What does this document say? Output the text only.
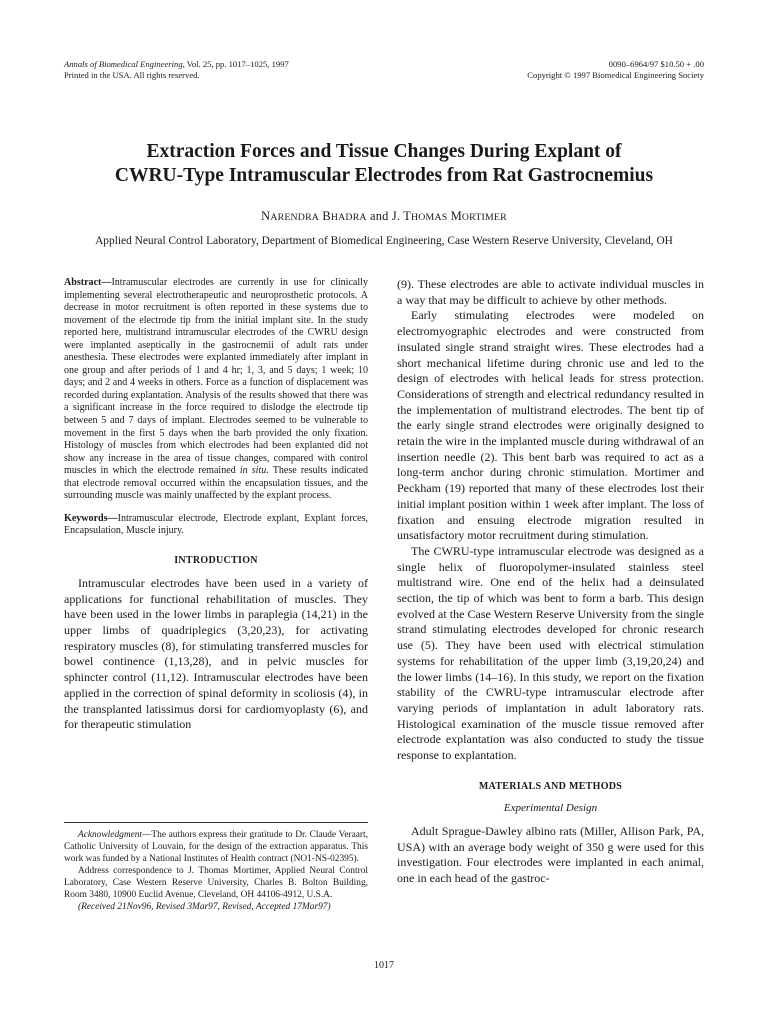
Annals of Biomedical Engineering, Vol. 25, pp. 1017–1025, 1997
Printed in the USA. All rights reserved.
0090–6964/97 $10.50 + .00
Copyright © 1997 Biomedical Engineering Society
Extraction Forces and Tissue Changes During Explant of
CWRU-Type Intramuscular Electrodes from Rat Gastrocnemius
NARENDRA BHADRA and J. THOMAS MORTIMER
Applied Neural Control Laboratory, Department of Biomedical Engineering, Case Western Reserve University, Cleveland, OH

Abstract—Intramuscular electrodes are currently in use for clinically implementing several electrotherapeutic and neuroprosthetic protocols. A decrease in motor recruitment is often reported in these systems due to movement of the electrode tip from the initial implant site. In the study reported here, multistrand intramuscular electrodes of the CWRU design were implanted aseptically in the gastrocnemii of adult rats under anesthesia. These electrodes were explanted immediately after implant in one group and after periods of 1 and 4 hr; 1, 3, and 5 days; 1 week; 10 days; and 2 and 4 weeks in others. Force as a function of displacement was recorded during explantation. Analysis of the results showed that there was a significant increase in the force required to dislodge the electrode tip between 5 and 7 days of implant. Electrodes seemed to be vulnerable to movement in the first 5 days when the barb provided the only fixation. Histology of muscles from which electrodes had been explanted did not show any increase in the area of tissue changes, compared with control muscles in which the electrode remained in situ. These results indicated that electrode removal occurred within the encapsulation tissues, and the surrounding muscle was mainly unaffected by the explant process.

Keywords—Intramuscular electrode, Electrode explant, Explant forces, Encapsulation, Muscle injury.

INTRODUCTION

Intramuscular electrodes have been used in a variety of applications for functional rehabilitation of muscles. They have been used in the lower limbs in paraplegia (14,21) in the upper limbs of quadriplegics (3,20,23), for activating respiratory muscles (8), for stimulating transferred muscles for bowel continence (1,13,28), and in pelvic muscles for sphincter control (11,12). Intramuscular electrodes have been applied in the correction of spinal deformity in scoliosis (4), in the transplanted latissimus dorsi for cardiomyoplasty (6), and for therapeutic stimulation

(9). These electrodes are able to activate individual muscles in a way that may be difficult to achieve by other methods.

Early stimulating electrodes were modeled on electromyographic electrodes and were constructed from insulated single strand straight wires. These electrodes had a short mechanical lifetime during chronic use and led to the design of electrodes with helical leads for stress protection. Considerations of strength and electrical redundancy resulted in the implementation of multistrand electrodes. The bent tip of the early single strand electrodes were originally designed to retain the wire in the implanted muscle during withdrawal of an insertion needle (2). This bent barb was required to act as a long-term anchor during chronic stimulation. Mortimer and Peckham (19) reported that many of these electrodes lost their initial implant position within 1 week after implant. The loss of fixation and ensuing electrode migration resulted in unsatisfactory motor recruitment during stimulation.

The CWRU-type intramuscular electrode was designed as a single helix of fluoropolymer-insulated stainless steel multistrand wire. One end of the helix had a deinsulated section, the tip of which was bent to form a barb. This design evolved at the Case Western Reserve University from the single strand stimulating electrodes developed for chronic research use (5). They have been used with electrical stimulation systems for rehabilitation of the upper limb (3,19,20,24) and the lower limbs (14–16). In this study, we report on the fixation stability of the CWRU-type intramuscular electrode after varying periods of implantation in adult laboratory rats. Histological examination of the muscle tissue removed after electrode explantation was also conducted to study the tissue response to explantation.

MATERIALS AND METHODS

Experimental Design

Adult Sprague-Dawley albino rats (Miller, Allison Park, PA, USA) with an average body weight of 350 g were used for this investigation. Four electrodes were implanted in each animal, one in each head of the gastroc-

Acknowledgment—The authors express their gratitude to Dr. Claude Veraart, Catholic University of Louvain, for the design of the extraction apparatus. This work was funded by a National Institutes of Health contract (NO1-NS-02395).

Address correspondence to J. Thomas Mortimer, Applied Neural Control Laboratory, Case Western Reserve University, Charles B. Bolton Building, Room 3480, 10900 Euclid Avenue, Cleveland, OH 44106-4912, U.S.A.

(Received 21Nov96, Revised 3Mar97, Revised, Accepted 17Mar97)

1017
